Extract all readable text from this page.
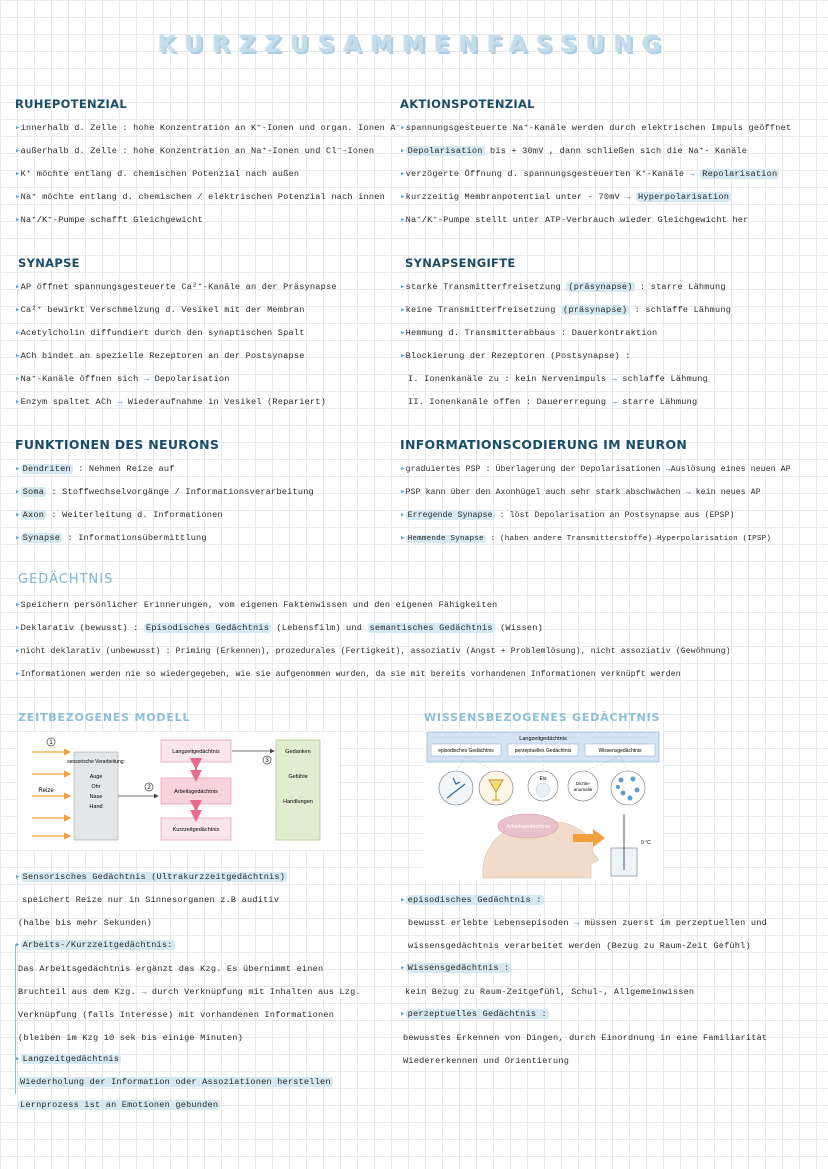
KURZZUSAMMENFASSUNG
RUHEPOTENZIAL
▸ innerhalb d. Zelle : hohe Konzentration an K⁺-Ionen und organ. Ionen A⁻
▸ außerhalb d. Zelle : hohe Konzentration an Na⁺-Ionen und Cl⁻-Ionen
▸ K⁺ möchte entlang d. chemischen Potenzial nach außen
▸ Na⁺ möchte entlang d. chemischen / elektrischen Potenzial nach innen
▸ Na⁺/K⁺-Pumpe schafft Gleichgewicht
AKTIONSPOTENZIAL
▸ spannungsgesteuerte Na⁺-Kanäle werden durch elektrischen Impuls geöffnet
▸ Depolarisation bis + 30mV , dann schließen sich die Na⁺- Kanäle
▸ verzögerte Öffnung d. spannungsgesteuerten K⁺-Kanäle → Repolarisation
▸ kurzzeitig Membranpotential unter - 70mV → Hyperpolarisation
▸ Na⁺/K⁺-Pumpe stellt unter ATP-Verbrauch wieder Gleichgewicht her
SYNAPSE
▸ AP öffnet spannungsgesteuerte Ca²⁺-Kanäle an der Präsynapse
▸ Ca²⁺ bewirkt Verschmelzung d. Vesikel mit der Membran
▸ Acetylcholin diffundiert durch den synaptischen Spalt
▸ ACh bindet an spezielle Rezeptoren an der Postsynapse
▸ Na⁺-Kanäle öffnen sich → Depolarisation
▸ Enzym spaltet ACh → Wiederaufnahme in Vesikel (Repariert)
SYNAPSENGIFTE
▸ starke Transmitterfreisetzung (präsynapse) : starre Lähmung
▸ keine Transmitterfreisetzung (präsynapse) : schlaffe Lähmung
▸ Hemmung d. Transmitterabbaus : Dauerkontraktion
▸ Blockierung der Rezeptoren (Postsynapse) :
I. Ionenkanäle zu : kein Nervenimpuls → schlaffe Lähmung
II. Ionenkanäle offen : Dauererregung → starre Lähmung
FUNKTIONEN DES NEURONS
▸ Dendriten : Nehmen Reize auf
▸ Soma : Stoffwechselvorgänge / Informationsverarbeitung
▸ Axon : Weiterleitung d. Informationen
▸ Synapse : Informationsübermittlung
INFORMATIONSCODIERUNG IM NEURON
▸ graduiertes PSP : Überlagerung der Depolarisationen →Auslösung eines neuen AP
▸ PSP kann über den Axonhügel auch sehr stark abschwächen → kein neues AP
▸ Erregende Synapse : löst Depolarisation an Postsynapse aus (EPSP)
▸ Hemmende Synapse : (haben andere Transmitterstoffe)→Hyperpolarisation (IPSP)
GEDÄCHTNIS
▸ Speichern persönlicher Erinnerungen, vom eigenen Faktenwissen und den eigenen Fähigkeiten
▸ Deklarativ (bewusst) : Episodisches Gedächtnis (Lebensfilm) und semantisches Gedächtnis (Wissen)
▸ nicht deklarativ (unbewusst) : Priming (Erkennen), prozedurales (Fertigkeit), assoziativ (Angst + Problemlösung), nicht assoziativ (Gewöhnung)
▸ Informationen werden nie so wiedergegeben, wie sie aufgenommen wurden, da sie mit bereits vorhandenen Informationen verknüpft werden
ZEITBEZOGENES MODELL
1
Reize
sensorische Verarbeitung:
Auge
Ohr
Nase
Hand
2
Langzeitgedächtnis
Arbeitsgedächtnis
Kurzzeitgedächtnis
3
Gedanken
Gefühle
Handlungen
▸ Sensorisches Gedächtnis (Ultrakurzzeitgedächtnis)
speichert Reize nur in Sinnesorganen z.B auditiv
(halbe bis mehr Sekunden)
▸ Arbeits-/Kurzzeitgedächtnis:
Das Arbeitsgedächtnis ergänzt das Kzg. Es übernimmt einen
Bruchteil aus dem Kzg. → durch Verknüpfung mit Inhalten aus Lzg.
Verknüpfung (falls Interesse) mit vorhandenen Informationen
(bleiben im Kzg 10 sek bis einige Minuten)
▸ Langzeitgedächtnis
Wiederholung der Information oder Assoziationen herstellen
Lernprozess ist an Emotionen gebunden
WISSENSBEZOGENES GEDÄCHTNIS
Langzeitgedächtnis
episodisches Gedächtnis	perzeptuelles Gedächtnis	Wissensgedächtnis
Eis
Dichte-anomalie
Arbeitsgedächtnis
0 °C
▸ episodisches Gedächtnis :
bewusst erlebte Lebensepisoden → müssen zuerst im perzeptuellen und
wissensgedächtnis verarbeitet werden (Bezug zu Raum-Zeit Gefühl)
▸ Wissensgedächtnis :
kein Bezug zu Raum-Zeitgefühl, Schul-, Allgemeinwissen
▸ perzeptuelles Gedächtnis :
bewusstes Erkennen von Dingen, durch Einordnung in eine Familiarität
Wiedererkennen und Orientierung
